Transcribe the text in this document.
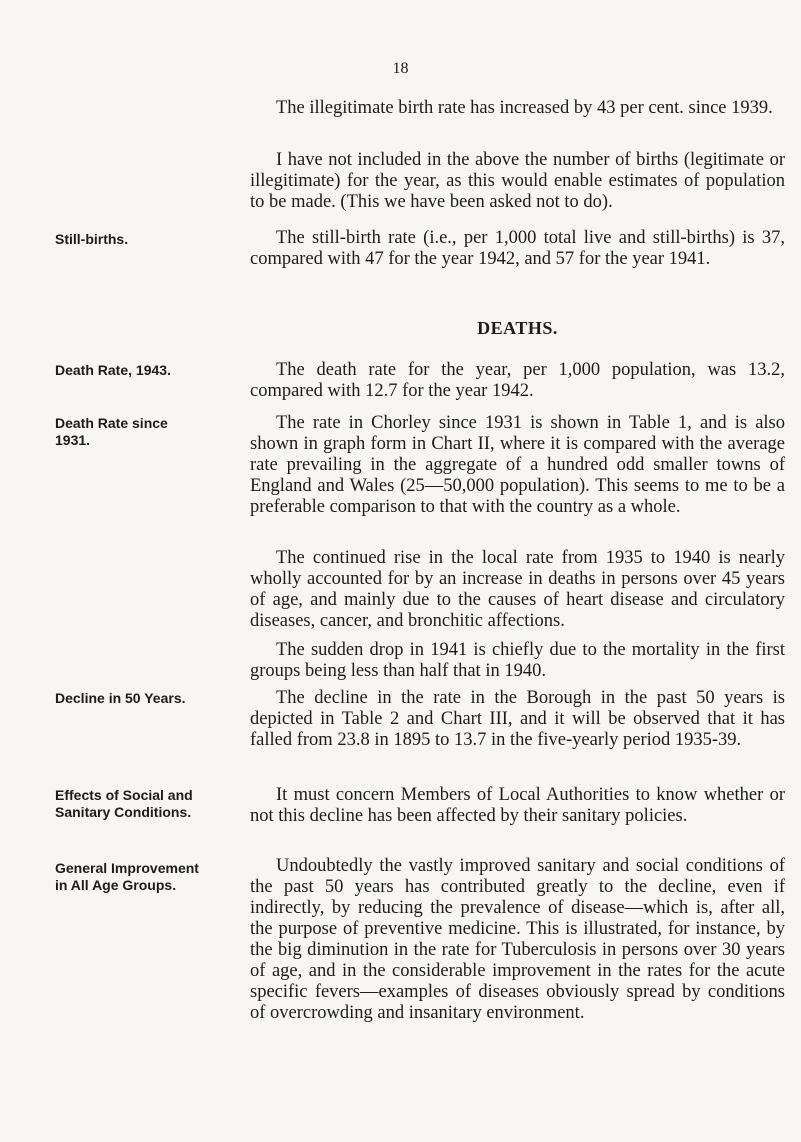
18

The illegitimate birth rate has increased by 43 per cent. since 1939.

I have not included in the above the number of births (legitimate or illegitimate) for the year, as this would enable estimates of population to be made. (This we have been asked not to do).

Still-births.	The still-birth rate (i.e., per 1,000 total live and still-births) is 37, compared with 47 for the year 1942, and 57 for the year 1941.

DEATHS.

Death Rate, 1943.	The death rate for the year, per 1,000 population, was 13.2, compared with 12.7 for the year 1942.

Death Rate since 1931.

The rate in Chorley since 1931 is shown in Table 1, and is also shown in graph form in Chart II, where it is compared with the average rate prevailing in the aggregate of a hundred odd smaller towns of England and Wales (25—50,000 population). This seems to me to be a preferable comparison to that with the country as a whole.

The continued rise in the local rate from 1935 to 1940 is nearly wholly accounted for by an increase in deaths in persons over 45 years of age, and mainly due to the causes of heart disease and circulatory diseases, cancer, and bronchitic affections.

The sudden drop in 1941 is chiefly due to the mortality in the first groups being less than half that in 1940.

Decline in 50 Years.	The decline in the rate in the Borough in the past 50 years is depicted in Table 2 and Chart III, and it will be observed that it has falled from 23.8 in 1895 to 13.7 in the five-yearly period 1935-39.

Effects of Social and Sanitary Conditions.

It must concern Members of Local Authorities to know whether or not this decline has been affected by their sanitary policies.

General Improvement in All Age Groups.

Undoubtedly the vastly improved sanitary and social conditions of the past 50 years has contributed greatly to the decline, even if indirectly, by reducing the prevalence of disease—which is, after all, the purpose of preventive medicine. This is illustrated, for instance, by the big diminution in the rate for Tuberculosis in persons over 30 years of age, and in the considerable improvement in the rates for the acute specific fevers—examples of diseases obviously spread by conditions of overcrowding and insanitary environment.
